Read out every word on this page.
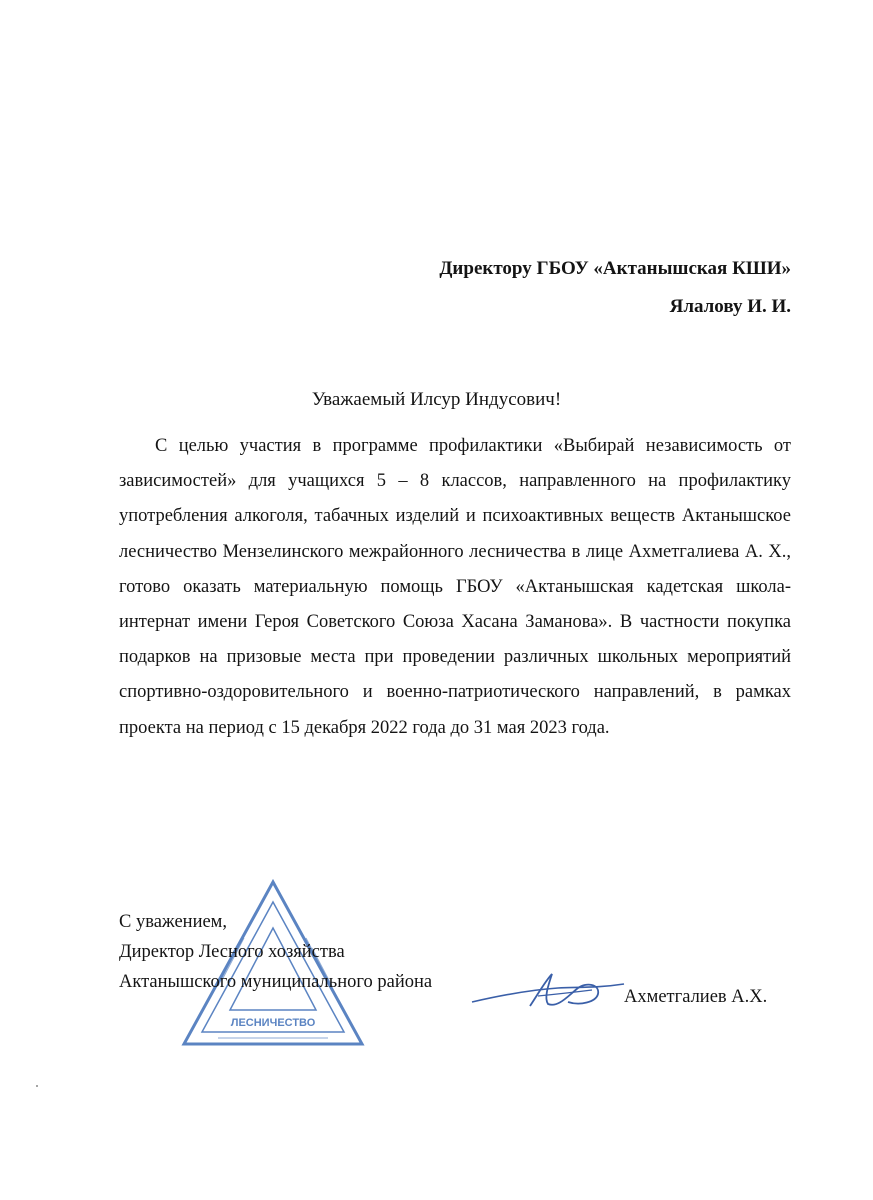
Директору ГБОУ «Актанышская КШИ»
Ялалову И. И.
Уважаемый Илсур Индусович!

С целью участия в программе профилактики «Выбирай независимость от зависимостей» для учащихся 5 – 8 классов, направленного на профилактику употребления алкоголя, табачных изделий и психоактивных веществ Актанышское лесничество Мензелинского межрайонного лесничества в лице Ахметгалиева А. Х., готово оказать материальную помощь ГБОУ «Актанышская кадетская школа-интернат имени Героя Советского Союза Хасана Заманова». В частности покупка подарков на призовые места при проведении различных школьных мероприятий спортивно-оздоровительного и военно-патриотического направлений, в рамках проекта на период с 15 декабря 2022 года до 31 мая 2023 года.

ЛЕСНИЧЕСТВО
С уважением,
Директор Лесного хозяйства
Актанышского муниципального района
Ахметгалиев А.Х.
